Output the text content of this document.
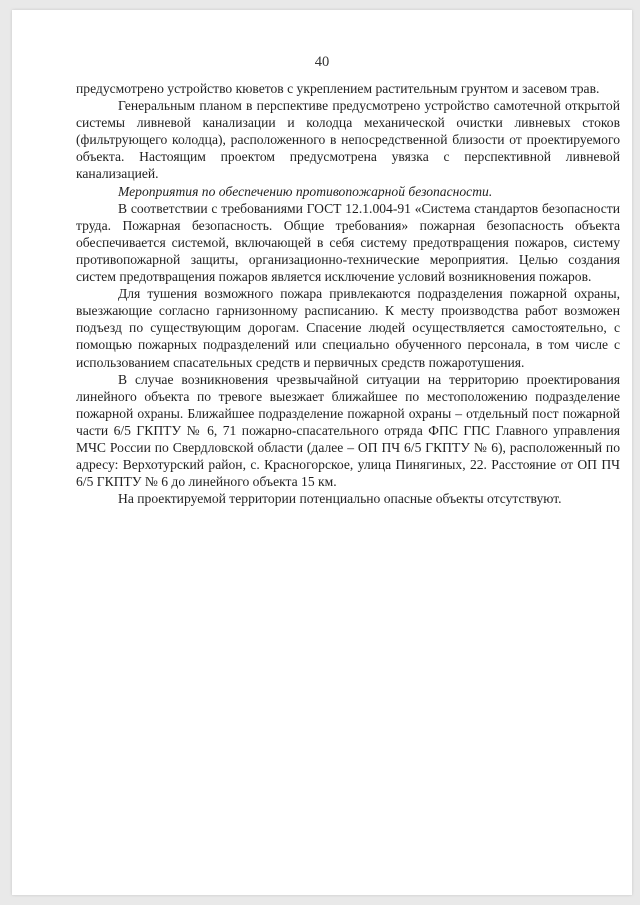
40

предусмотрено устройство кюветов с укреплением растительным грунтом и засевом трав.

Генеральным планом в перспективе предусмотрено устройство самотечной открытой системы ливневой канализации и колодца механической очистки ливневых стоков (фильтрующего колодца), расположенного в непосредственной близости от проектируемого объекта. Настоящим проектом предусмотрена увязка с перспективной ливневой канализацией.

Мероприятия по обеспечению противопожарной безопасности.

В соответствии с требованиями ГОСТ 12.1.004-91 «Система стандартов безопасности труда. Пожарная безопасность. Общие требования» пожарная безопасность объекта обеспечивается системой, включающей в себя систему предотвращения пожаров, систему противопожарной защиты, организационно-технические мероприятия. Целью создания систем предотвращения пожаров является исключение условий возникновения пожаров.

Для тушения возможного пожара привлекаются подразделения пожарной охраны, выезжающие согласно гарнизонному расписанию. К месту производства работ возможен подъезд по существующим дорогам. Спасение людей осуществляется самостоятельно, с помощью пожарных подразделений или специально обученного персонала, в том числе с использованием спасательных средств и первичных средств пожаротушения.

В случае возникновения чрезвычайной ситуации на территорию проектирования линейного объекта по тревоге выезжает ближайшее по местоположению подразделение пожарной охраны. Ближайшее подразделение пожарной охраны – отдельный пост пожарной части 6/5 ГКПТУ № 6, 71 пожарно-спасательного отряда ФПС ГПС Главного управления МЧС России по Свердловской области (далее – ОП ПЧ 6/5 ГКПТУ № 6), расположенный по адресу: Верхотурский район, с. Красногорское, улица Пинягиных, 22. Расстояние от ОП ПЧ 6/5 ГКПТУ № 6 до линейного объекта 15 км.

На проектируемой территории потенциально опасные объекты отсутствуют.
